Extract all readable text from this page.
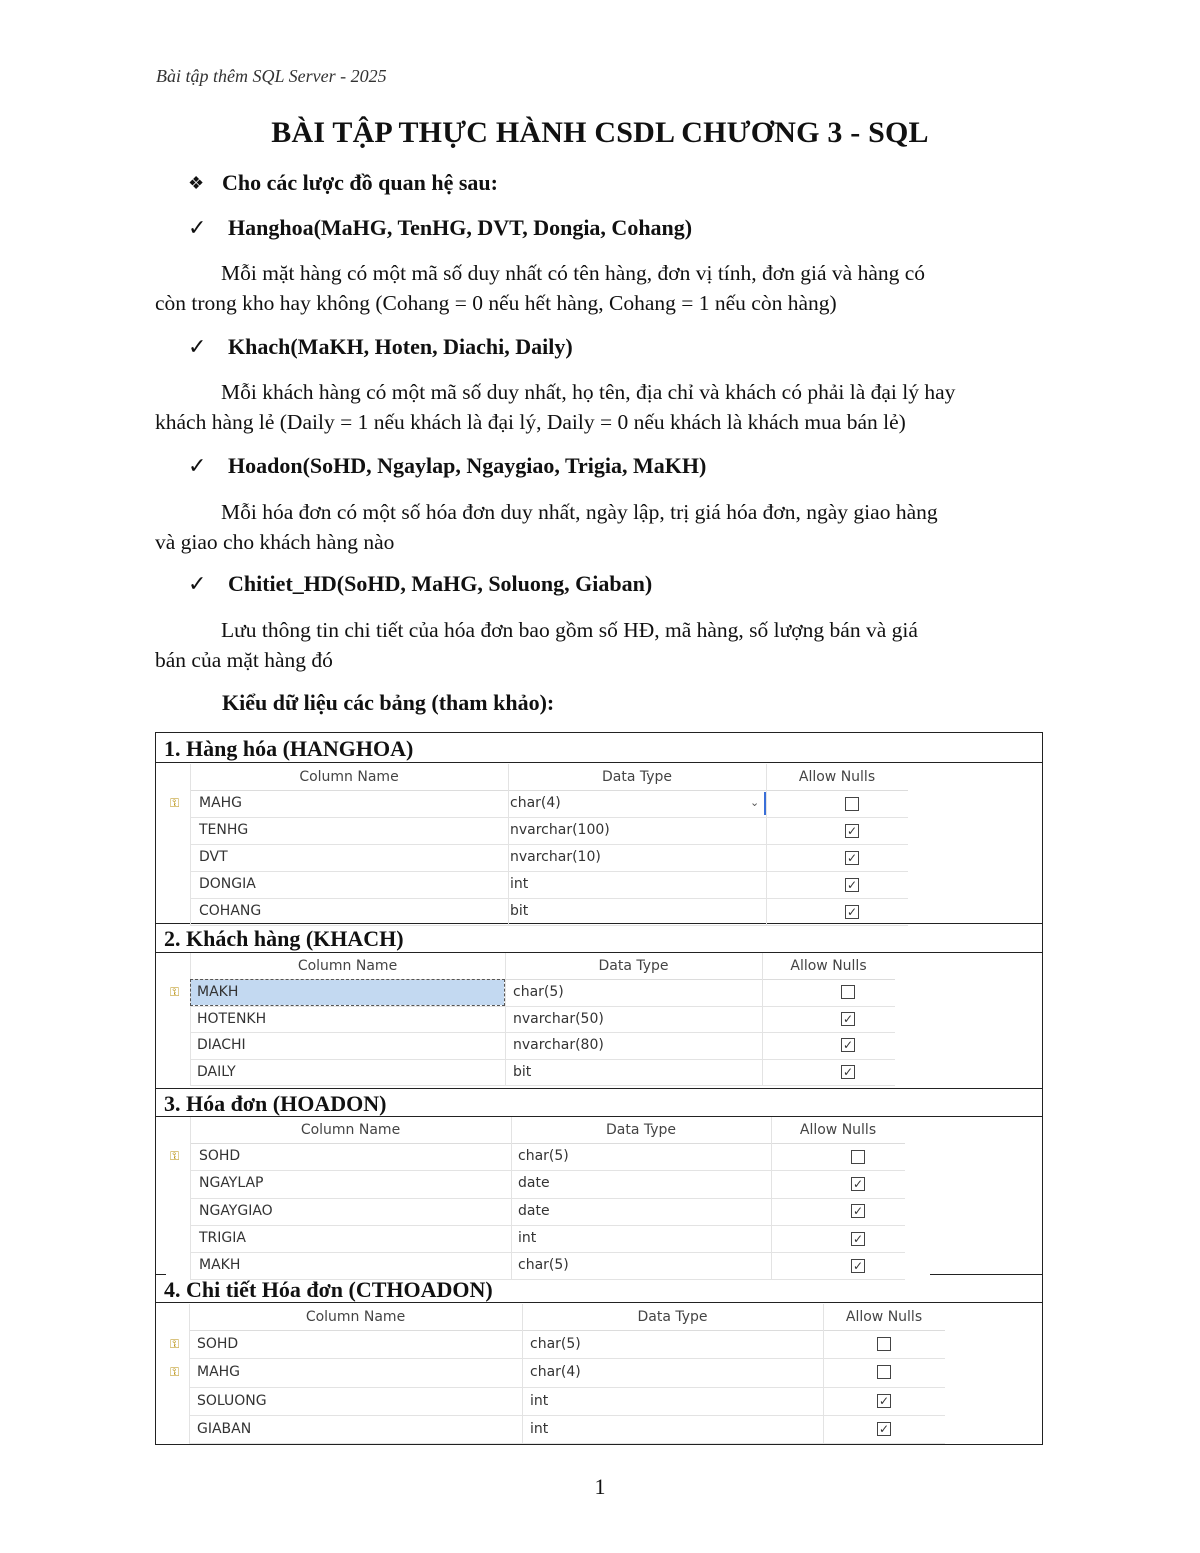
Bài tập thêm SQL Server - 2025
BÀI TẬP THỰC HÀNH CSDL CHƯƠNG 3 - SQL
❖ Cho các lược đồ quan hệ sau:
✓ Hanghoa(MaHG, TenHG, DVT, Dongia, Cohang)
Mỗi mặt hàng có một mã số duy nhất có tên hàng, đơn vị tính, đơn giá và hàng có
còn trong kho hay không (Cohang = 0 nếu hết hàng, Cohang = 1 nếu còn hàng)
✓ Khach(MaKH, Hoten, Diachi, Daily)
Mỗi khách hàng có một mã số duy nhất, họ tên, địa chỉ và khách có phải là đại lý hay
khách hàng lẻ (Daily = 1 nếu khách là đại lý, Daily = 0 nếu khách là khách mua bán lẻ)
✓ Hoadon(SoHD, Ngaylap, Ngaygiao, Trigia, MaKH)
Mỗi hóa đơn có một số hóa đơn duy nhất, ngày lập, trị giá hóa đơn, ngày giao hàng
và giao cho khách hàng nào
✓ Chitiet_HD(SoHD, MaHG, Soluong, Giaban)
Lưu thông tin chi tiết của hóa đơn bao gồm số HĐ, mã hàng, số lượng bán và giá
bán của mặt hàng đó
Kiểu dữ liệu các bảng (tham khảo):
1. Hàng hóa (HANGHOA)
2. Khách hàng (KHACH)
3. Hóa đơn (HOADON)
4. Chi tiết Hóa đơn (CTHOADON)
Column Name	Data Type	Allow Nulls
⚿ MAHG	char(4)	⌄
TENHG	nvarchar(100)	✓
DVT	nvarchar(10)	✓
DONGIA	int	✓
COHANG	bit	✓
Column Name	Data Type	Allow Nulls
⚿ MAKH	char(5)
HOTENKH	nvarchar(50)	✓
DIACHI	nvarchar(80)	✓
DAILY	bit	✓
Column Name	Data Type	Allow Nulls
⚿ SOHD	char(5)
NGAYLAP	date	✓
NGAYGIAO	date	✓
TRIGIA	int	✓
MAKH	char(5)	✓
Column Name	Data Type	Allow Nulls
⚿ SOHD	char(5)
⚿ MAHG	char(4)
SOLUONG	int	✓
GIABAN	int	✓
1
